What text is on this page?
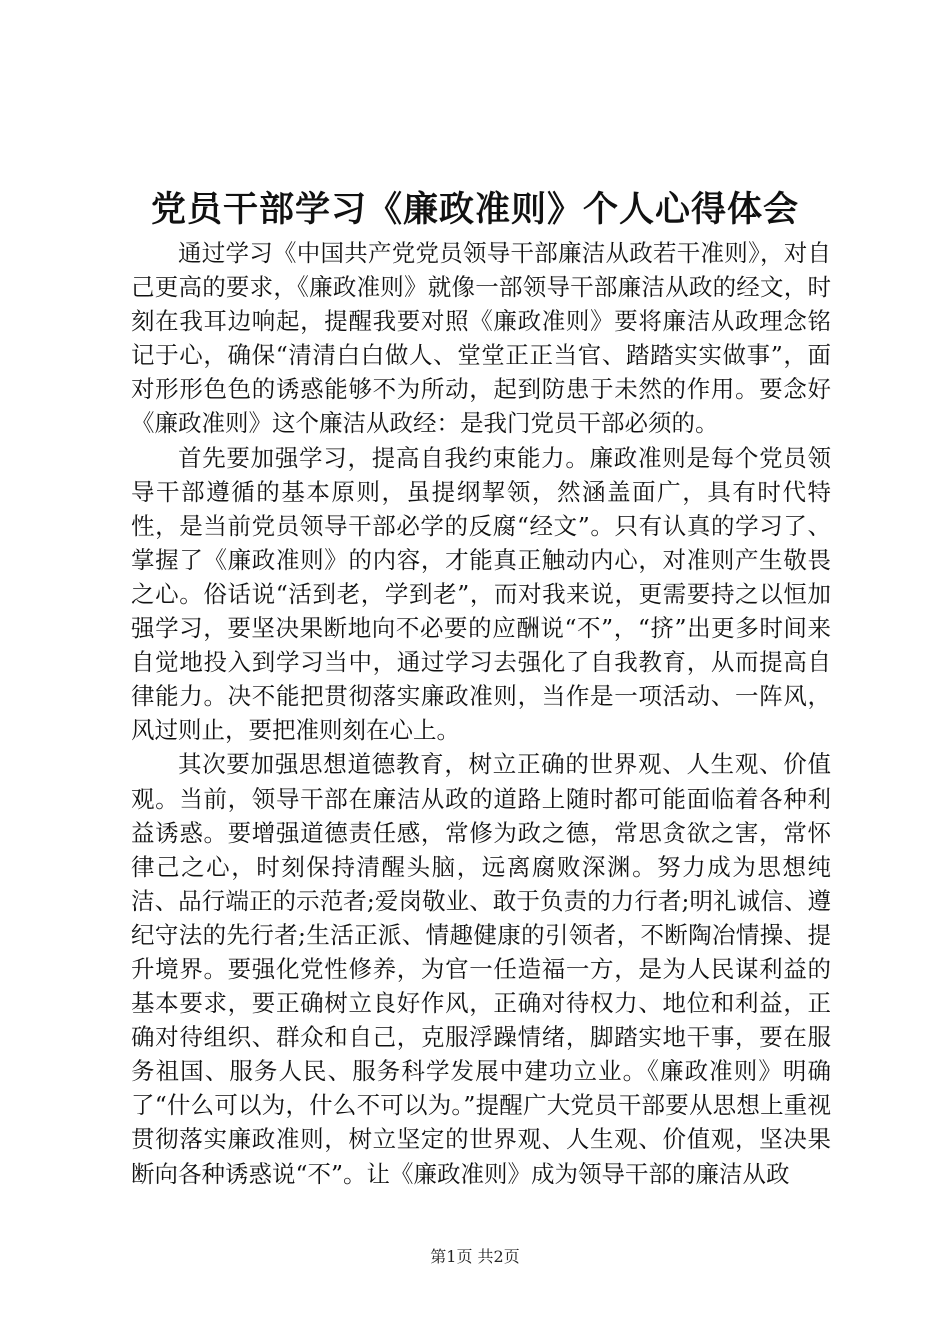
党员干部学习《廉政准则》个人心得体会

通过学习《中国共产党党员领导干部廉洁从政若干准则》，对自己更高的要求，《廉政准则》就像一部领导干部廉洁从政的经文，时刻在我耳边响起，提醒我要对照《廉政准则》要将廉洁从政理念铭记于心，确保“清清白白做人、堂堂正正当官、踏踏实实做事”，面对形形色色的诱惑能够不为所动，起到防患于未然的作用。要念好《廉政准则》这个廉洁从政经：是我门党员干部必须的。

首先要加强学习，提高自我约束能力。廉政准则是每个党员领导干部遵循的基本原则，虽提纲挈领，然涵盖面广，具有时代特性，是当前党员领导干部必学的反腐“经文”。只有认真的学习了、掌握了《廉政准则》的内容，才能真正触动内心，对准则产生敬畏之心。俗话说“活到老，学到老”，而对我来说，更需要持之以恒加强学习，要坚决果断地向不必要的应酬说“不”，“挤”出更多时间来自觉地投入到学习当中，通过学习去强化了自我教育，从而提高自律能力。决不能把贯彻落实廉政准则，当作是一项活动、一阵风，风过则止，要把准则刻在心上。

其次要加强思想道德教育，树立正确的世界观、人生观、价值观。当前，领导干部在廉洁从政的道路上随时都可能面临着各种利益诱惑。要增强道德责任感，常修为政之德，常思贪欲之害，常怀律己之心，时刻保持清醒头脑，远离腐败深渊。努力成为思想纯洁、品行端正的示范者;爱岗敬业、敢于负责的力行者;明礼诚信、遵纪守法的先行者;生活正派、情趣健康的引领者，不断陶冶情操、提升境界。要强化党性修养，为官一任造福一方，是为人民谋利益的基本要求，要正确树立良好作风，正确对待权力、地位和利益，正确对待组织、群众和自己，克服浮躁情绪，脚踏实地干事，要在服务祖国、服务人民、服务科学发展中建功立业。《廉政准则》明确了“什么可以为，什么不可以为。”提醒广大党员干部要从思想上重视贯彻落实廉政准则，树立坚定的世界观、人生观、价值观，坚决果断向各种诱惑说“不”。让《廉政准则》成为领导干部的廉洁从政

第1页 共2页
